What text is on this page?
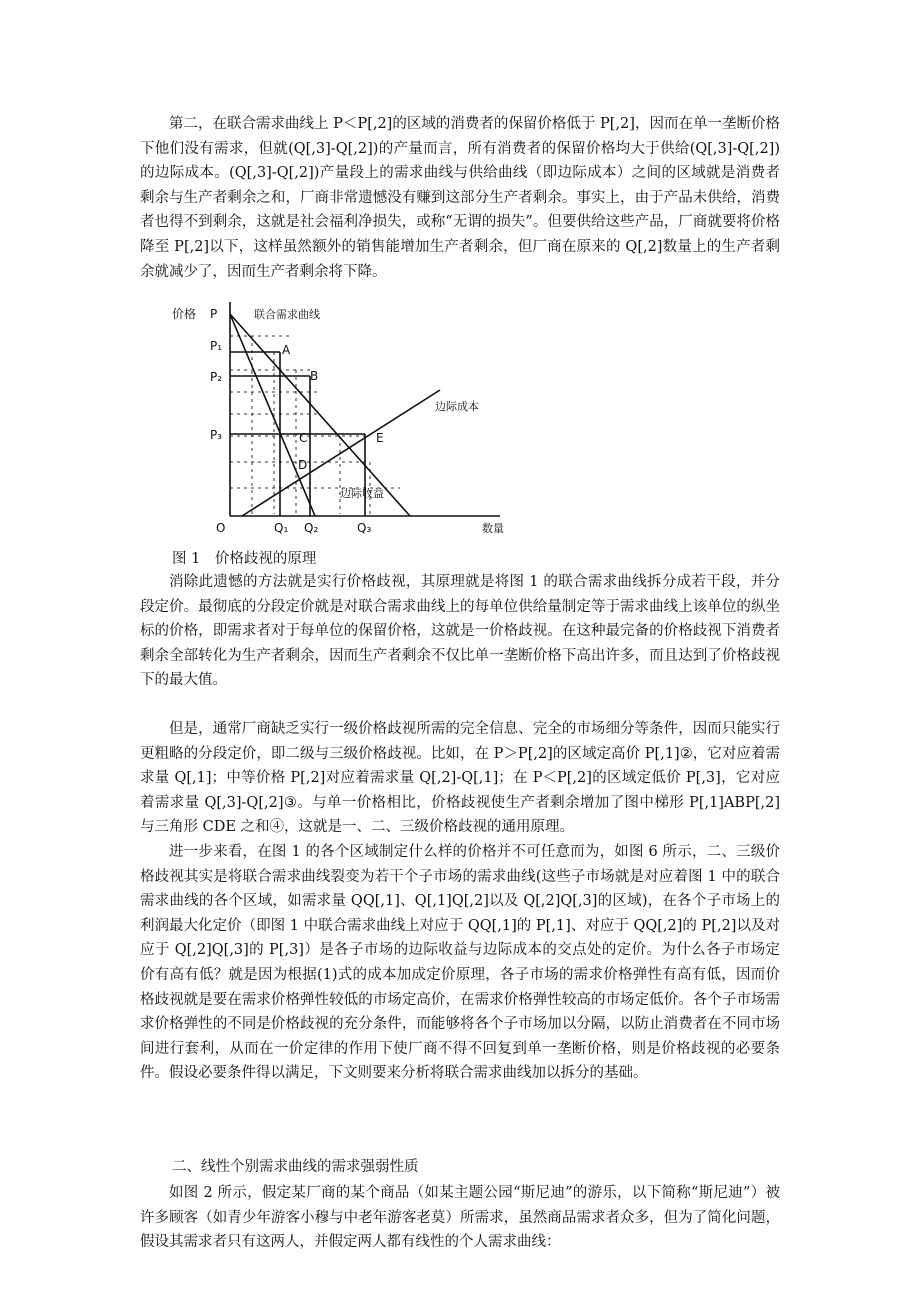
第二，在联合需求曲线上 P＜P[,2]的区域的消费者的保留价格低于 P[,2]，因而在单一垄断价格下他们没有需求，但就(Q[,3]-Q[,2])的产量而言，所有消费者的保留价格均大于供给(Q[,3]-Q[,2])的边际成本。(Q[,3]-Q[,2])产量段上的需求曲线与供给曲线（即边际成本）之间的区域就是消费者剩余与生产者剩余之和，厂商非常遗憾没有赚到这部分生产者剩余。事实上，由于产品未供给，消费者也得不到剩余，这就是社会福利净损失，或称“无谓的损失”。但要供给这些产品，厂商就要将价格降至 P[,2]以下，这样虽然额外的销售能增加生产者剩余，但厂商在原来的 Q[,2]数量上的生产者剩余就减少了，因而生产者剩余将下降。

价格 P	联合需求曲线
P₁
P₂
P₃
A
B
C
D
E
边际成本
边际收益
O	Q₁ Q₂	Q₃	数量

图 1　价格歧视的原理

消除此遗憾的方法就是实行价格歧视，其原理就是将图 1 的联合需求曲线拆分成若干段，并分段定价。最彻底的分段定价就是对联合需求曲线上的每单位供给量制定等于需求曲线上该单位的纵坐标的价格，即需求者对于每单位的保留价格，这就是一价格歧视。在这种最完备的价格歧视下消费者剩余全部转化为生产者剩余，因而生产者剩余不仅比单一垄断价格下高出许多，而且达到了价格歧视下的最大值。

但是，通常厂商缺乏实行一级价格歧视所需的完全信息、完全的市场细分等条件，因而只能实行更粗略的分段定价，即二级与三级价格歧视。比如，在 P＞P[,2]的区域定高价 P[,1]②，它对应着需求量 Q[,1]；中等价格 P[,2]对应着需求量 Q[,2]-Q[,1]；在 P＜P[,2]的区域定低价 P[,3]，它对应着需求量 Q[,3]-Q[,2]③。与单一价格相比，价格歧视使生产者剩余增加了图中梯形 P[,1]ABP[,2]与三角形 CDE 之和④，这就是一、二、三级价格歧视的通用原理。

进一步来看，在图 1 的各个区域制定什么样的价格并不可任意而为，如图 6 所示，二、三级价格歧视其实是将联合需求曲线裂变为若干个子市场的需求曲线(这些子市场就是对应着图 1 中的联合需求曲线的各个区域，如需求量 QQ[,1]、Q[,1]Q[,2]以及 Q[,2]Q[,3]的区域)，在各个子市场上的利润最大化定价（即图 1 中联合需求曲线上对应于 QQ[,1]的 P[,1]、对应于 QQ[,2]的 P[,2]以及对应于 Q[,2]Q[,3]的 P[,3]）是各子市场的边际收益与边际成本的交点处的定价。为什么各子市场定价有高有低？就是因为根据(1)式的成本加成定价原理，各子市场的需求价格弹性有高有低，因而价格歧视就是要在需求价格弹性较低的市场定高价，在需求价格弹性较高的市场定低价。各个子市场需求价格弹性的不同是价格歧视的充分条件，而能够将各个子市场加以分隔，以防止消费者在不同市场间进行套利，从而在一价定律的作用下使厂商不得不回复到单一垄断价格，则是价格歧视的必要条件。假设必要条件得以满足，下文则要来分析将联合需求曲线加以拆分的基础。

二、线性个别需求曲线的需求强弱性质

如图 2 所示，假定某厂商的某个商品（如某主题公园“斯尼迪”的游乐，以下简称“斯尼迪”）被许多顾客（如青少年游客小穆与中老年游客老莫）所需求，虽然商品需求者众多，但为了简化问题，假设其需求者只有这两人，并假定两人都有线性的个人需求曲线：
